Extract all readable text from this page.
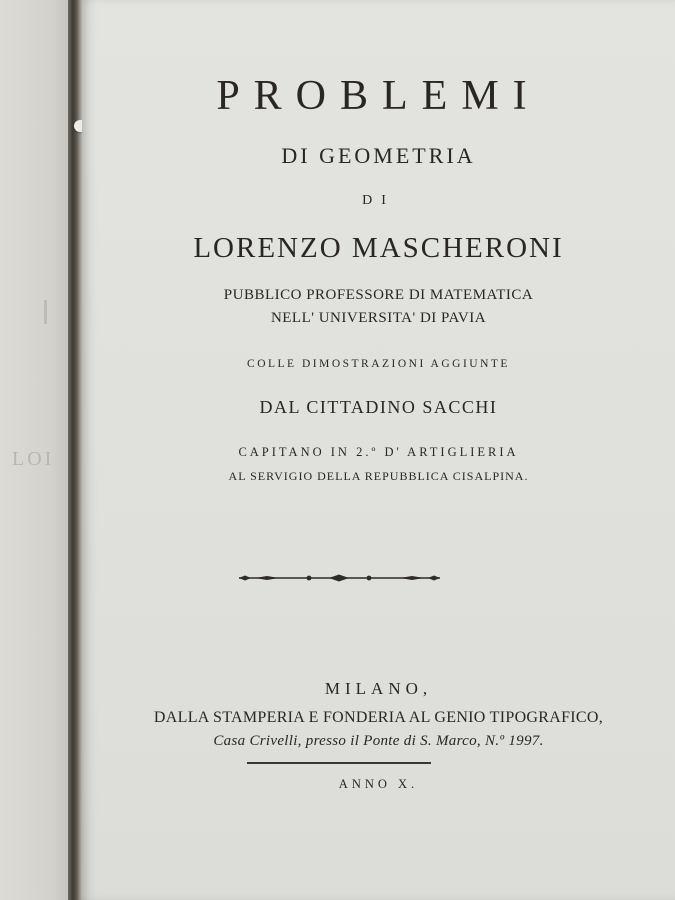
LOI
PROBLEMI
DI GEOMETRIA
DI
LORENZO MASCHERONI
PUBBLICO PROFESSORE DI MATEMATICA
NELL' UNIVERSITA' DI PAVIA
COLLE DIMOSTRAZIONI AGGIUNTE
DAL CITTADINO SACCHI
CAPITANO IN 2.º D' ARTIGLIERIA
AL SERVIGIO DELLA REPUBBLICA CISALPINA.
MILANO,
DALLA STAMPERIA E FONDERIA AL GENIO TIPOGRAFICO,
Casa Crivelli, presso il Ponte di S. Marco, N.º 1997.
ANNO X.
